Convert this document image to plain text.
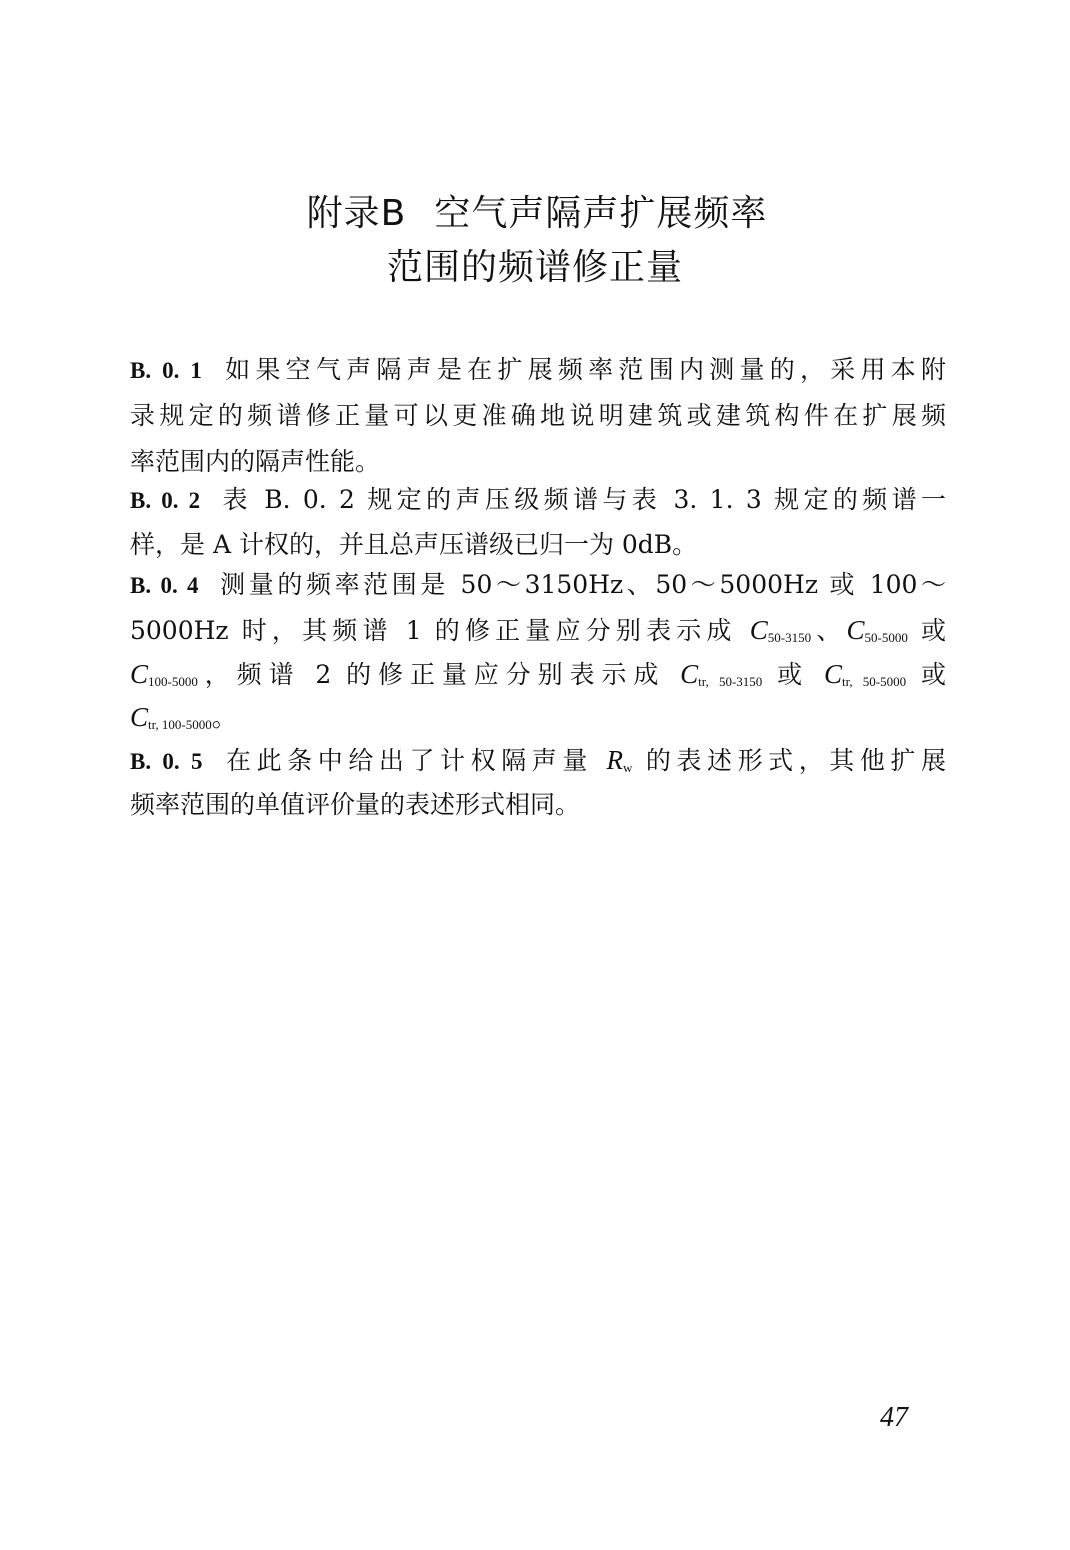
附录B 空气声隔声扩展频率
范围的频谱修正量
B. 0. 1 如果空气声隔声是在扩展频率范围内测量的，采用本附
录规定的频谱修正量可以更准确地说明建筑或建筑构件在扩展频
率范围内的隔声性能。
B. 0. 2 表 B. 0. 2 规定的声压级频谱与表 3. 1. 3 规定的频谱一
样，是 A 计权的，并且总声压谱级已归一为 0dB。
B. 0. 4 测量的频率范围是 50～3150Hz、50～5000Hz 或 100～
5000Hz 时，其频谱 1 的修正量应分别表示成 $C_{50-3150}$、$C_{50-5000}$ 或
$C_{100-5000}$，频谱 2 的修正量应分别表示成 $C_{tr, 50-3150}$ 或 $C_{tr, 50-5000}$ 或
$C_{tr, 100-5000}$。
B. 0. 5 在此条中给出了计权隔声量 $R_w$ 的表述形式，其他扩展
频率范围的单值评价量的表述形式相同。
47
